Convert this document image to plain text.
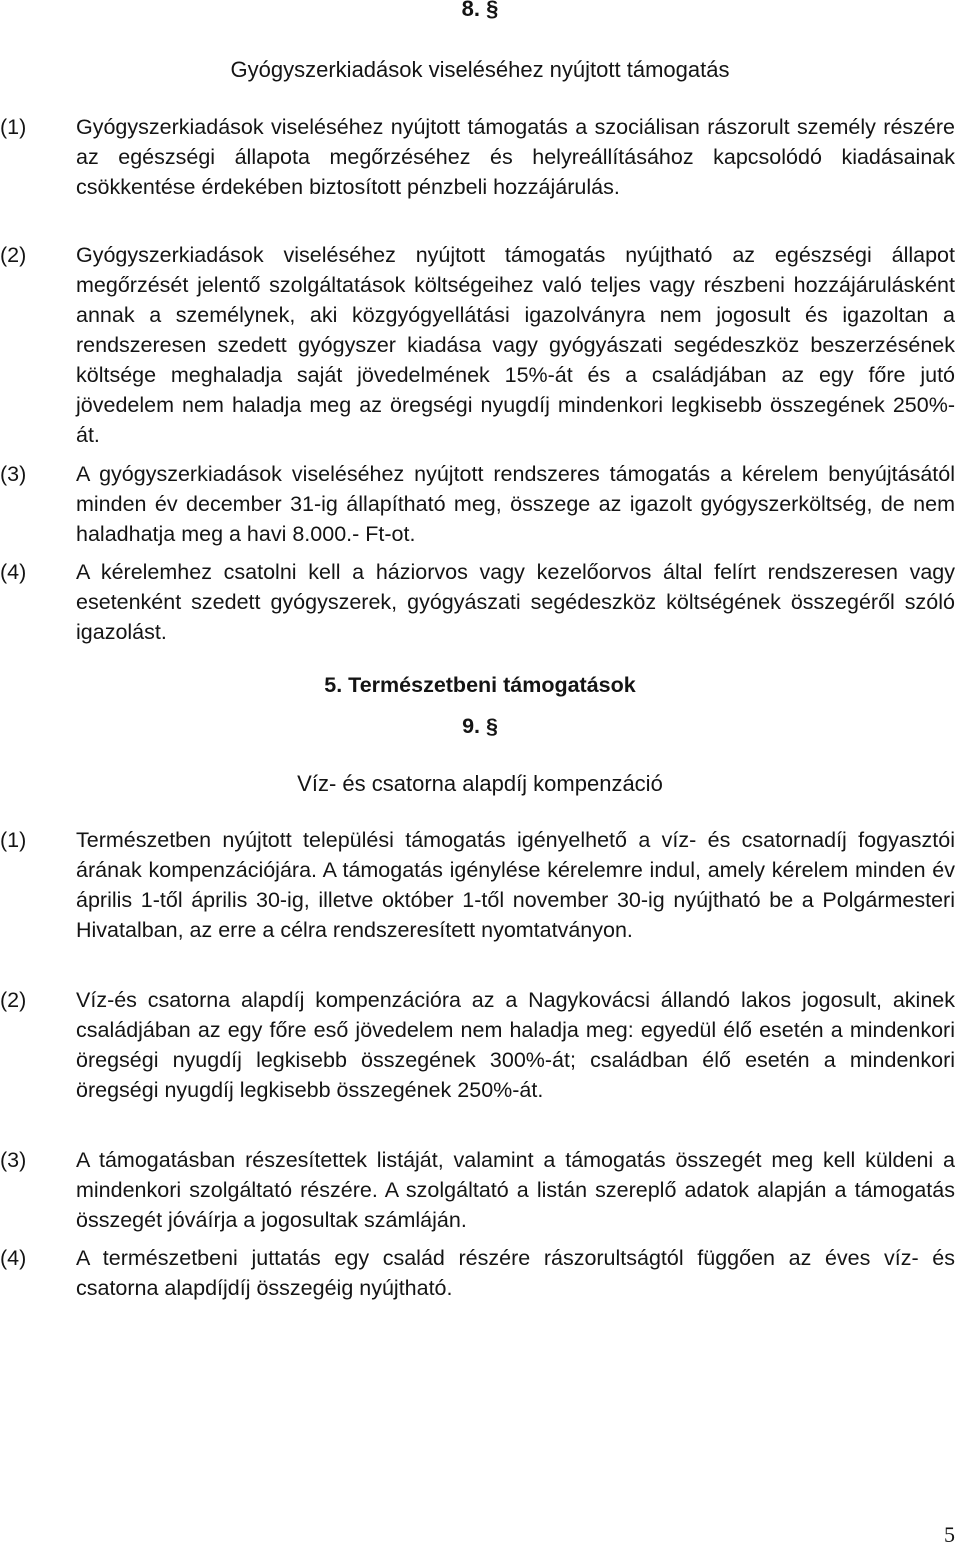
8. §
Gyógyszerkiadások viseléséhez nyújtott támogatás
(1)	Gyógyszerkiadások viseléséhez nyújtott támogatás a szociálisan rászorult személy részére az egészségi állapota megőrzéséhez és helyreállításához kapcsolódó kiadásainak csökkentése érdekében biztosított pénzbeli hozzájárulás.
(2)	Gyógyszerkiadások viseléséhez nyújtott támogatás nyújtható az egészségi állapot megőrzését jelentő szolgáltatások költségeihez való teljes vagy részbeni hozzájárulásként annak a személynek, aki közgyógyellátási igazolványra nem jogosult és igazoltan a rendszeresen szedett gyógyszer kiadása vagy gyógyászati segédeszköz beszerzésének költsége meghaladja saját jövedelmének 15%-át és a családjában az egy főre jutó jövedelem nem haladja meg az öregségi nyugdíj mindenkori legkisebb összegének 250%-át.
(3)	A gyógyszerkiadások viseléséhez nyújtott rendszeres támogatás a kérelem benyújtásától minden év december 31-ig állapítható meg, összege az igazolt gyógyszerköltség, de nem haladhatja meg a havi 8.000.- Ft-ot.
(4)	A kérelemhez csatolni kell a háziorvos vagy kezelőorvos által felírt rendszeresen vagy esetenként szedett gyógyszerek, gyógyászati segédeszköz költségének összegéről szóló igazolást.
5. Természetbeni támogatások
9. §
Víz- és csatorna alapdíj kompenzáció
(1)	Természetben nyújtott települési támogatás igényelhető a víz- és csatornadíj fogyasztói árának kompenzációjára. A támogatás igénylése kérelemre indul, amely kérelem minden év április 1-től április 30-ig, illetve október 1-től november 30-ig nyújtható be a Polgármesteri Hivatalban, az erre a célra rendszeresített nyomtatványon.
(2)	Víz-és csatorna alapdíj kompenzációra az a Nagykovácsi állandó lakos jogosult, akinek családjában az egy főre eső jövedelem nem haladja meg: egyedül élő esetén a mindenkori öregségi nyugdíj legkisebb összegének 300%-át; családban élő esetén a mindenkori öregségi nyugdíj legkisebb összegének 250%-át.
(3)	A támogatásban részesítettek listáját, valamint a támogatás összegét meg kell küldeni a mindenkori szolgáltató részére. A szolgáltató a listán szereplő adatok alapján a támogatás összegét jóváírja a jogosultak számláján.
(4)	A természetbeni juttatás egy család részére rászorultságtól függően az éves víz- és csatorna alapdíjdíj összegéig nyújtható.
5
